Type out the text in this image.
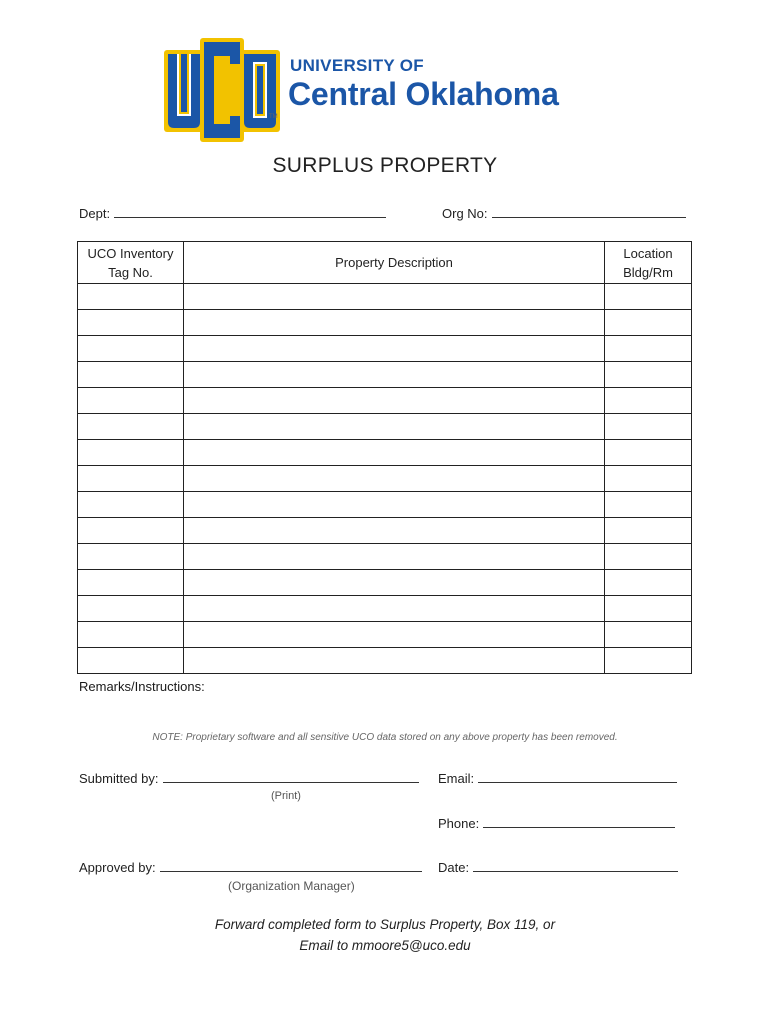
UNIVERSITY OF
Central Oklahoma
TM
SURPLUS PROPERTY
Dept:	Org No:
UCO Inventory
Tag No.	Property Description	Location
Bldg/Rm

Remarks/Instructions:
NOTE: Proprietary software and all sensitive UCO data stored on any above property has been removed.
Submitted by:
(Print)
Email:
Phone:
Approved by:
(Organization Manager)
Date:
Forward completed form to Surplus Property, Box 119, or
Email to mmoore5@uco.edu
